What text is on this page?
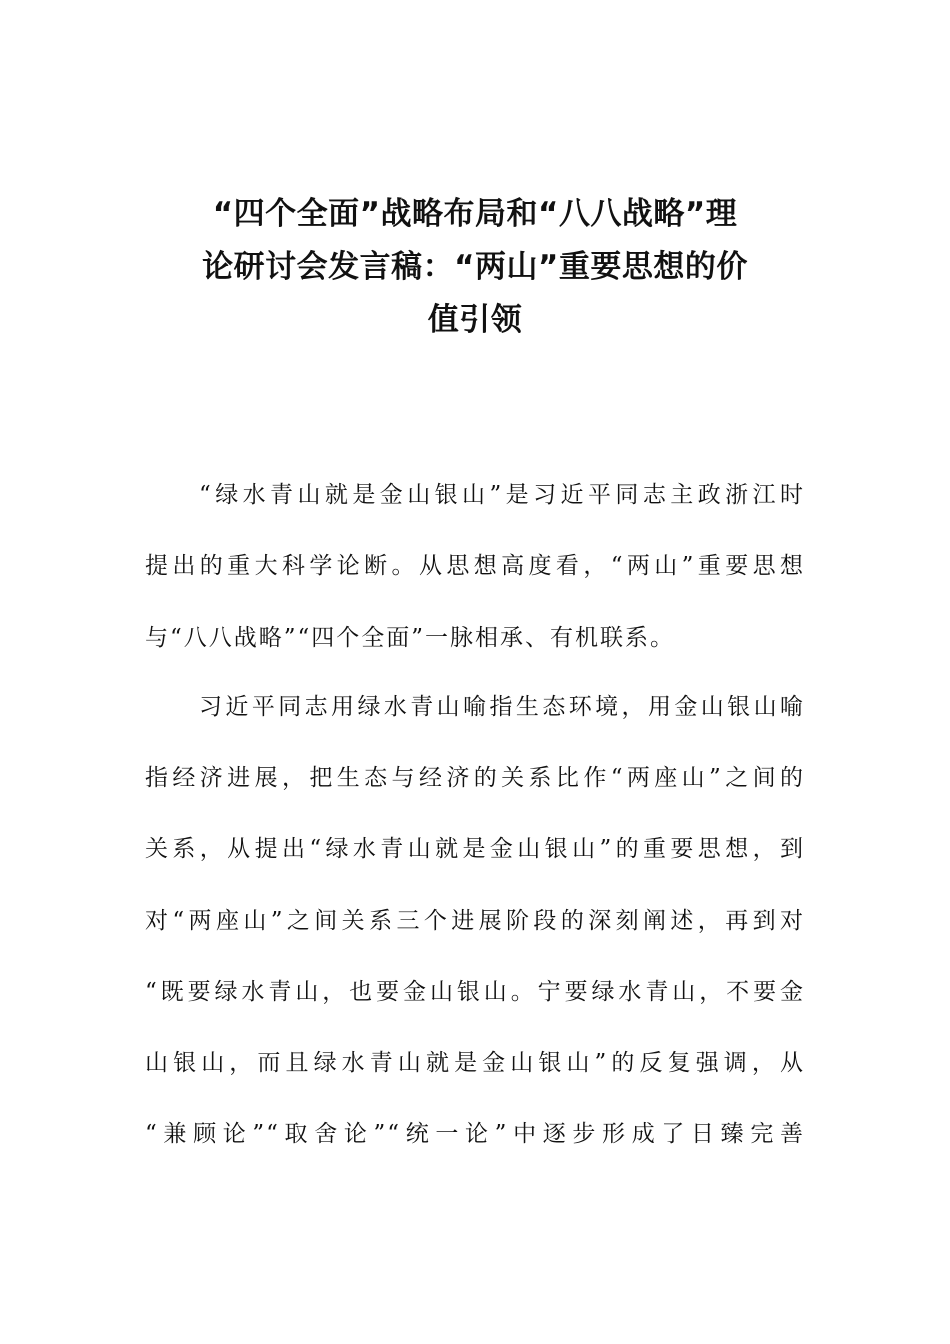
“四个全面”战略布局和“八八战略”理
论研讨会发言稿：“两山”重要思想的价
值引领
“绿水青山就是金山银山”是习近平同志主政浙江时
提出的重大科学论断。从思想高度看，“两山”重要思想
与“八八战略”“四个全面”一脉相承、有机联系。
习近平同志用绿水青山喻指生态环境，用金山银山喻
指经济进展，把生态与经济的关系比作“两座山”之间的
关系，从提出“绿水青山就是金山银山”的重要思想，到
对“两座山”之间关系三个进展阶段的深刻阐述，再到对
“既要绿水青山，也要金山银山。宁要绿水青山，不要金
山银山，而且绿水青山就是金山银山”的反复强调，从
“兼顾论”“取舍论”“统一论”中逐步形成了日臻完善
